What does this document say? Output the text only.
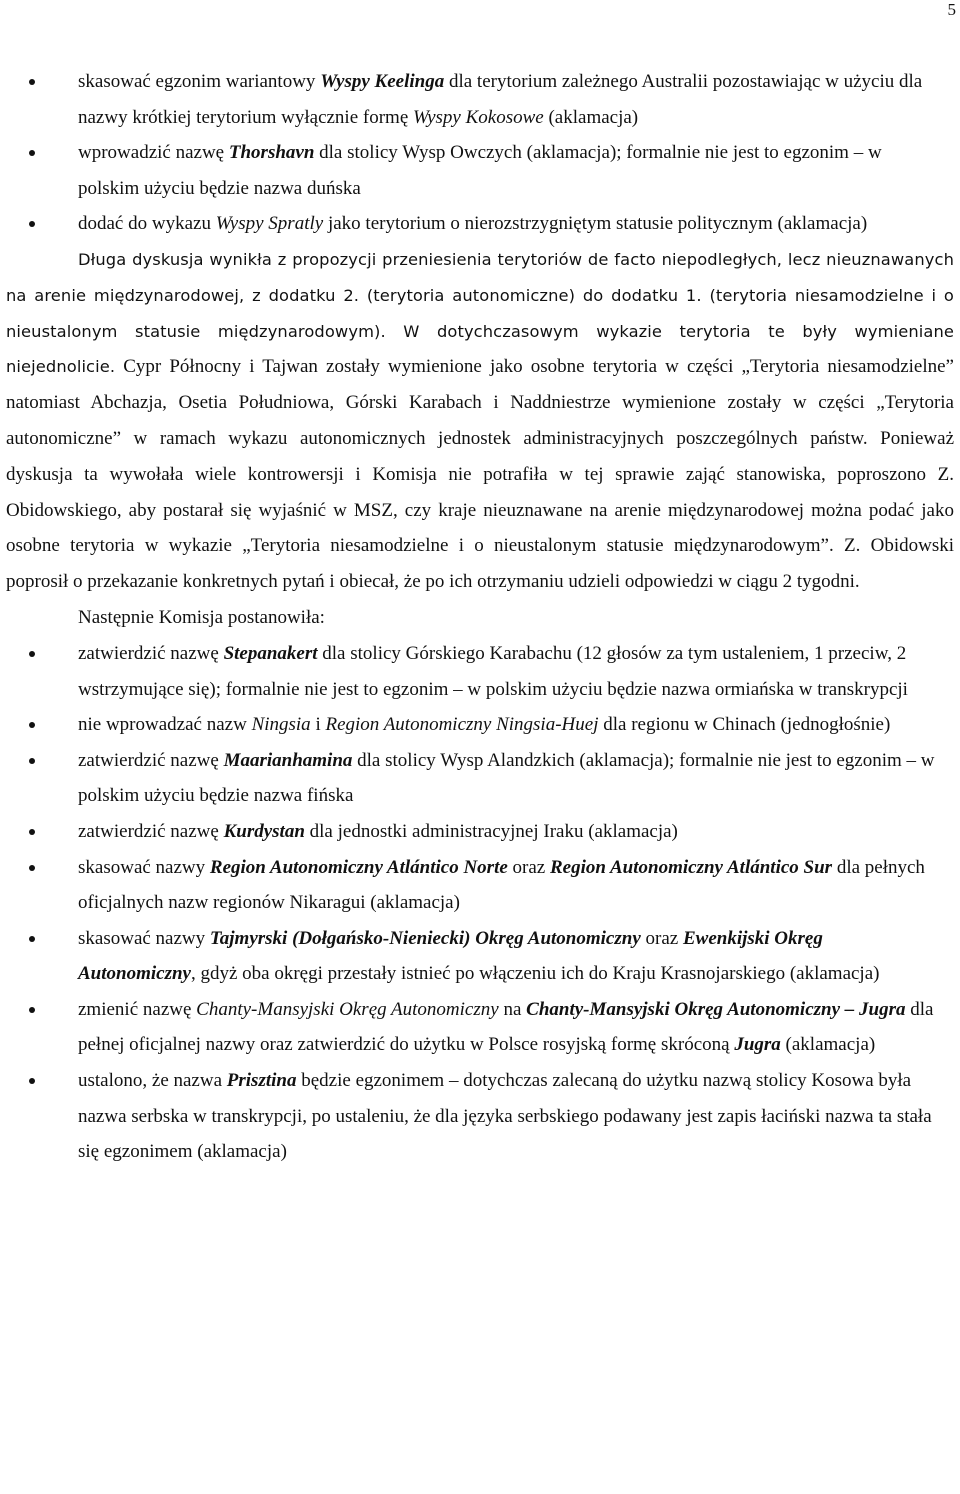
5
skasować egzonim wariantowy Wyspy Keelinga dla terytorium zależnego Australii pozostawiając w użyciu dla nazwy krótkiej terytorium wyłącznie formę Wyspy Kokosowe (aklamacja)
wprowadzić nazwę Thorshavn dla stolicy Wysp Owczych (aklamacja); formalnie nie jest to egzonim – w polskim użyciu będzie nazwa duńska
dodać do wykazu Wyspy Spratly jako terytorium o nierozstrzygniętym statusie politycznym (aklamacja)

Długa dyskusja wynikła z propozycji przeniesienia terytoriów de facto niepodległych, lecz nieuznawanych na arenie międzynarodowej, z dodatku 2. (terytoria autonomiczne) do dodatku 1. (terytoria niesamodzielne i o nieustalonym statusie międzynarodowym). W dotychczasowym wykazie terytoria te były wymieniane niejednolicie. Cypr Północny i Tajwan zostały wymienione jako osobne terytoria w części „Terytoria niesamodzielne” natomiast Abchazja, Osetia Południowa, Górski Karabach i Naddniestrze wymienione zostały w części „Terytoria autonomiczne” w ramach wykazu autonomicznych jednostek administracyjnych poszczególnych państw. Ponieważ dyskusja ta wywołała wiele kontrowersji i Komisja nie potrafiła w tej sprawie zająć stanowiska, poproszono Z. Obidowskiego, aby postarał się wyjaśnić w MSZ, czy kraje nieuznawane na arenie międzynarodowej można podać jako osobne terytoria w wykazie „Terytoria niesamodzielne i o nieustalonym statusie międzynarodowym”. Z. Obidowski poprosił o przekazanie konkretnych pytań i obiecał, że po ich otrzymaniu udzieli odpowiedzi w ciągu 2 tygodni.

Następnie Komisja postanowiła:

zatwierdzić nazwę Stepanakert dla stolicy Górskiego Karabachu (12 głosów za tym ustaleniem, 1 przeciw, 2 wstrzymujące się); formalnie nie jest to egzonim – w polskim użyciu będzie nazwa ormiańska w transkrypcji
nie wprowadzać nazw Ningsia i Region Autonomiczny Ningsia-Huej dla regionu w Chinach (jednogłośnie)
zatwierdzić nazwę Maarianhamina dla stolicy Wysp Alandzkich (aklamacja); formalnie nie jest to egzonim – w polskim użyciu będzie nazwa fińska
zatwierdzić nazwę Kurdystan dla jednostki administracyjnej Iraku (aklamacja)
skasować nazwy Region Autonomiczny Atlántico Norte oraz Region Autonomiczny Atlántico Sur dla pełnych oficjalnych nazw regionów Nikaragui (aklamacja)
skasować nazwy Tajmyrski (Dołgańsko-Nieniecki) Okręg Autonomiczny oraz Ewenkijski Okręg Autonomiczny, gdyż oba okręgi przestały istnieć po włączeniu ich do Kraju Krasnojarskiego (aklamacja)
zmienić nazwę Chanty-Mansyjski Okręg Autonomiczny na Chanty-Mansyjski Okręg Autonomiczny – Jugra dla pełnej oficjalnej nazwy oraz zatwierdzić do użytku w Polsce rosyjską formę skróconą Jugra (aklamacja)
ustalono, że nazwa Prisztina będzie egzonimem – dotychczas zalecaną do użytku nazwą stolicy Kosowa była nazwa serbska w transkrypcji, po ustaleniu, że dla języka serbskiego podawany jest zapis łaciński nazwa ta stała się egzonimem (aklamacja)
